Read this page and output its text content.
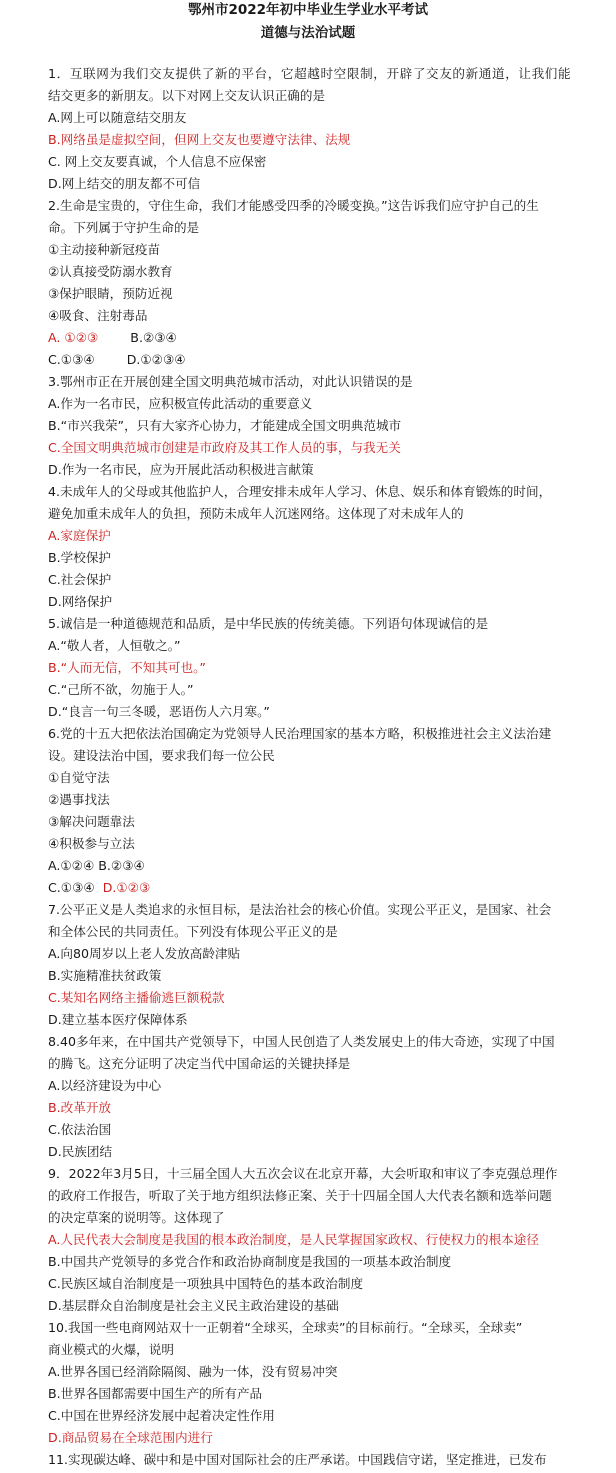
鄂州市2022年初中毕业生学业水平考试
道德与法治试题
1．互联网为我们交友提供了新的平台，它超越时空限制，开辟了交友的新通道，让我们能
结交更多的新朋友。以下对网上交友认识正确的是
A.网上可以随意结交朋友
B.网络虽是虚拟空间，但网上交友也要遵守法律、法规
C. 网上交友要真诚，个人信息不应保密
D.网上结交的朋友都不可信
2.生命是宝贵的，守住生命，我们才能感受四季的冷暖变换。”这告诉我们应守护自己的生
命。下列属于守护生命的是
①主动接种新冠疫苗
②认真接受防溺水教育
③保护眼睛，预防近视
④吸食、注射毒品
A. ①②③        B.②③④
C.①③④        D.①②③④
3.鄂州市正在开展创建全国文明典范城市活动，对此认识错误的是
A.作为一名市民，应积极宣传此活动的重要意义
B.“市兴我荣”，只有大家齐心协力，才能建成全国文明典范城市
C.全国文明典范城市创建是市政府及其工作人员的事，与我无关
D.作为一名市民，应为开展此活动积极进言献策
4.未成年人的父母或其他监护人，合理安排未成年人学习、休息、娱乐和体育锻炼的时间，
避免加重未成年人的负担，预防未成年人沉迷网络。这体现了对未成年人的
A.家庭保护
B.学校保护
C.社会保护
D.网络保护
5.诚信是一种道德规范和品质，是中华民族的传统美德。下列语句体现诚信的是
A.“敬人者，人恒敬之。”
B.“人而无信，不知其可也。”
C.“己所不欲，勿施于人。”
D.“良言一句三冬暖，恶语伤人六月寒。”
6.党的十五大把依法治国确定为党领导人民治理国家的基本方略，积极推进社会主义法治建
设。建设法治中国，要求我们每一位公民
①自觉守法
②遇事找法
③解决问题靠法
④积极参与立法
A.①②④ B.②③④
C.①③④  D.①②③
7.公平正义是人类追求的永恒目标，是法治社会的核心价值。实现公平正义，是国家、社会
和全体公民的共同责任。下列没有体现公平正义的是
A.向80周岁以上老人发放高龄津贴
B.实施精准扶贫政策
C.某知名网络主播偷逃巨额税款
D.建立基本医疗保障体系
8.40多年来，在中国共产党领导下，中国人民创造了人类发展史上的伟大奇迹，实现了中国
的腾飞。这充分证明了决定当代中国命运的关键抉择是
A.以经济建设为中心
B.改革开放
C.依法治国
D.民族团结
9．2022年3月5日，十三届全国人大五次会议在北京开幕，大会听取和审议了李克强总理作
的政府工作报告，听取了关于地方组织法修正案、关于十四届全国人大代表名额和选举问题
的决定草案的说明等。这体现了
A.人民代表大会制度是我国的根本政治制度，是人民掌握国家政权、行使权力的根本途径
B.中国共产党领导的多党合作和政治协商制度是我国的一项基本政治制度
C.民族区域自治制度是一项独具中国特色的基本政治制度
D.基层群众自治制度是社会主义民主政治建设的基础
10.我国一些电商网站双十一正朝着“全球买，全球卖”的目标前行。“全球买，全球卖”
商业模式的火爆，说明
A.世界各国已经消除隔阂、融为一体，没有贸易冲突
B.世界各国都需要中国生产的所有产品
C.中国在世界经济发展中起着决定性作用
D.商品贸易在全球范围内进行
11.实现碳达峰、碳中和是中国对国际社会的庄严承诺。中国践信守诺，坚定推进，已发布
